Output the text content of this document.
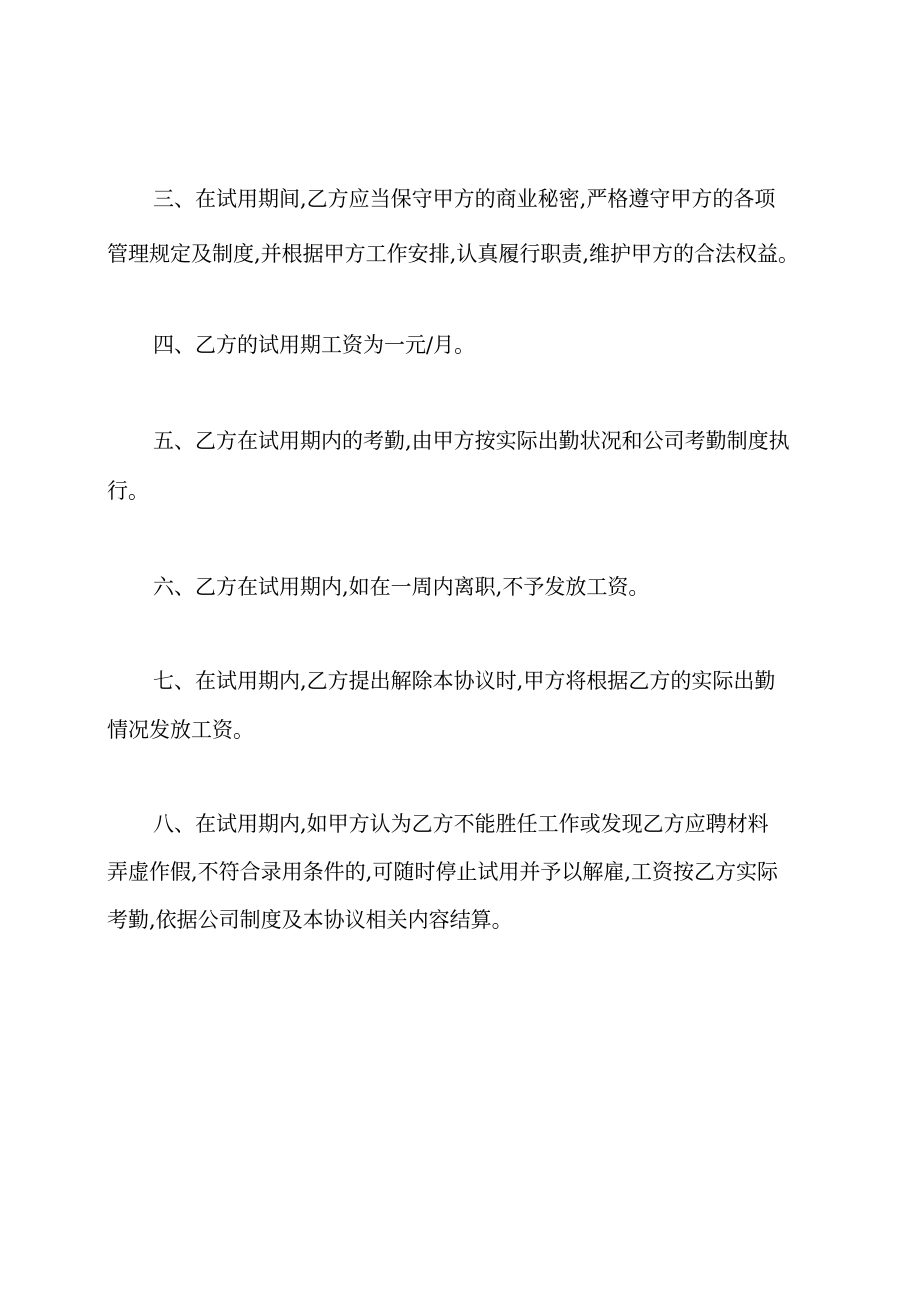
三、在试用期间,乙方应当保守甲方的商业秘密,严格遵守甲方的各项
管理规定及制度,并根据甲方工作安排,认真履行职责,维护甲方的合法权益。
四、乙方的试用期工资为一元/月。
五、乙方在试用期内的考勤,由甲方按实际出勤状况和公司考勤制度执
行。
六、乙方在试用期内,如在一周内离职,不予发放工资。
七、在试用期内,乙方提出解除本协议时,甲方将根据乙方的实际出勤
情况发放工资。
八、在试用期内,如甲方认为乙方不能胜任工作或发现乙方应聘材料
弄虚作假,不符合录用条件的,可随时停止试用并予以解雇,工资按乙方实际
考勤,依据公司制度及本协议相关内容结算。
